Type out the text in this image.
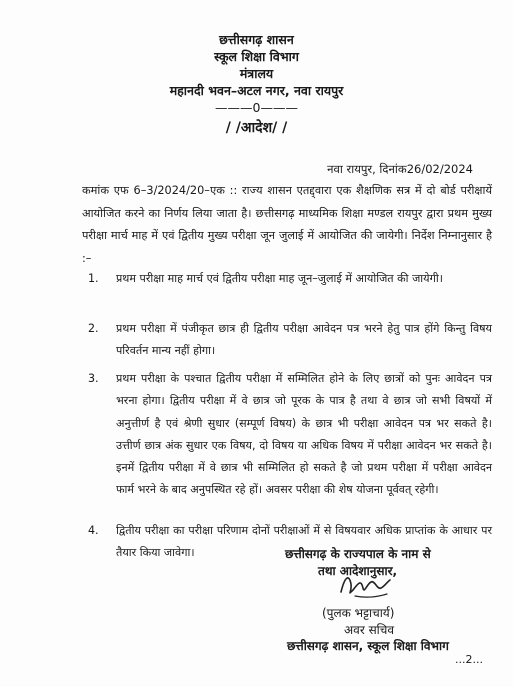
छत्तीसगढ़ शासन
स्कूल शिक्षा विभाग
मंत्रालय
महानदी भवन–अटल नगर, नवा रायपुर
———0———
/ /आदेश/ /
नवा रायपुर, दिनांक26/02/2024
कमांक एफ 6–3/2024/20–एक :: राज्य शासन एतद्द्वारा एक शैक्षणिक सत्र में दो बोर्ड परीक्षायें आयोजित करने का निर्णय लिया जाता है। छत्तीसगढ़ माध्यमिक शिक्षा मण्डल रायपुर द्वारा प्रथम मुख्य परीक्षा मार्च माह में एवं द्वितीय मुख्य परीक्षा जून जुलाई में आयोजित की जायेगी। निर्देश निम्नानुसार है :–
1.	प्रथम परीक्षा माह मार्च एवं द्वितीय परीक्षा माह जून–जुलाई में आयोजित की जायेगी।
2.	प्रथम परीक्षा में पंजीकृत छात्र ही द्वितीय परीक्षा आवेदन पत्र भरने हेतु पात्र होंगे किन्तु विषय परिवर्तन मान्य नहीं होगा।
3.	प्रथम परीक्षा के पश्चात द्वितीय परीक्षा में सम्मिलित होने के लिए छात्रों को पुनः आवेदन पत्र भरना होगा। द्वितीय परीक्षा में वे छात्र जो पूरक के पात्र है तथा वे छात्र जो सभी विषयों में अनुत्तीर्ण है एवं श्रेणी सुधार (सम्पूर्ण विषय) के छात्र भी परीक्षा आवेदन पत्र भर सकते है। उत्तीर्ण छात्र अंक सुधार एक विषय, दो विषय या अधिक विषय में परीक्षा आवेदन भर सकते है। इनमें द्वितीय परीक्षा में वे छात्र भी सम्मिलित हो सकते है जो प्रथम परीक्षा में परीक्षा आवेदन फार्म भरने के बाद अनुपस्थित रहे हों। अवसर परीक्षा की शेष योजना पूर्ववत् रहेगी।
4.	द्वितीय परीक्षा का परीक्षा परिणाम दोनों परीक्षाओं में से विषयवार अधिक प्राप्तांक के आधार पर तैयार किया जावेगा।	छत्तीसगढ़ के राज्यपाल के नाम से
तथा आदेशानुसार,
(पुलक भट्टाचार्य)
अवर सचिव
छत्तीसगढ़ शासन, स्कूल शिक्षा विभाग
...2...
